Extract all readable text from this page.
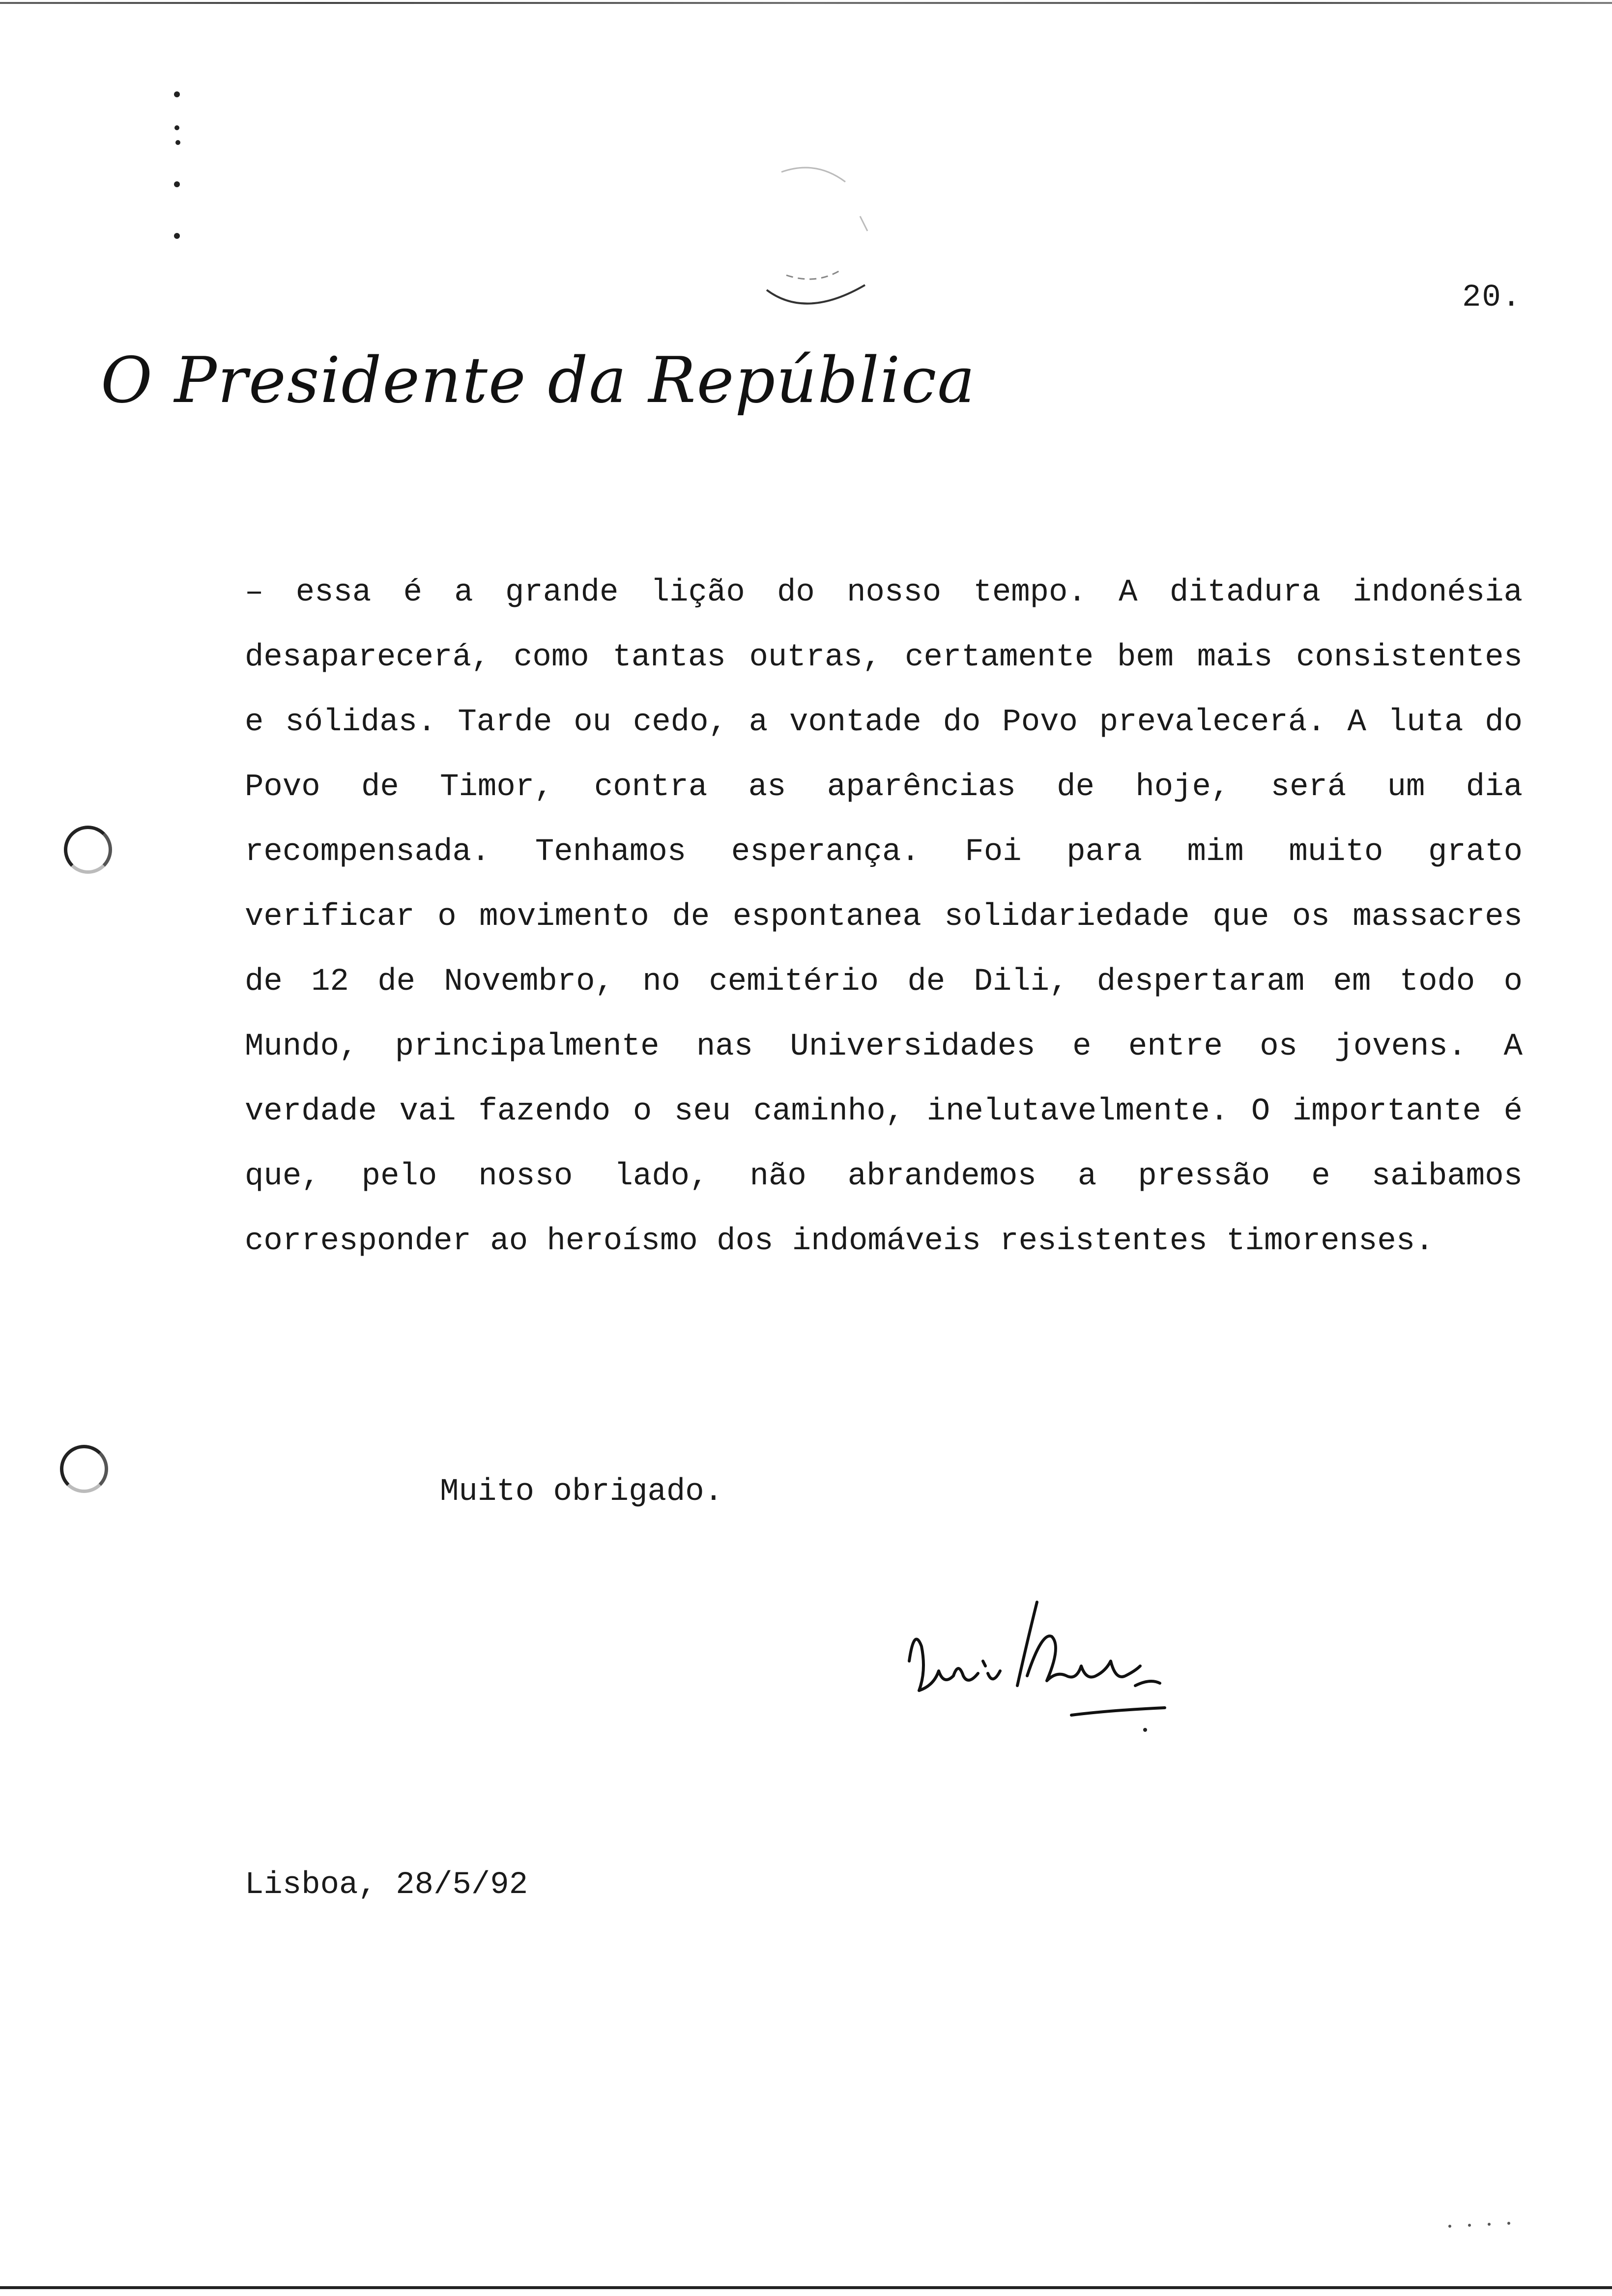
20.
O Presidente da República

– essa é a grande lição do nosso tempo. A ditadura indonésia desaparecerá, como tantas outras, certamente bem mais consistentes e sólidas. Tarde ou cedo, a vontade do Povo prevalecerá. A luta do Povo de Timor, contra as aparências de hoje, será um dia recompensada. Tenhamos esperança. Foi para mim muito grato verificar o movimento de espontanea solidariedade que os massacres de 12 de Novembro, no cemitério de Dili, despertaram em todo o Mundo, principalmente nas Universidades e entre os jovens. A verdade vai fazendo o seu caminho, inelutavelmente. O importante é que, pelo nosso lado, não abrandemos a pressão e saibamos corresponder ao heroísmo dos indomáveis resistentes timorenses.

Muito obrigado.
Lisboa, 28/5/92
